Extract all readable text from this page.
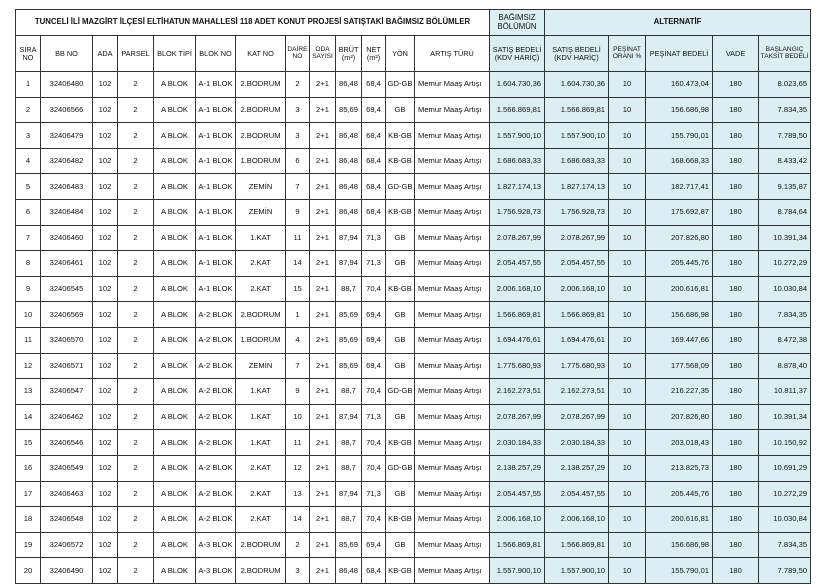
TUNCELİ İLİ MAZGİRT İLÇESİ ELTİHATUN MAHALLESİ 118 ADET KONUT PROJESİ SATIŞTAKİ BAĞIMSIZ BÖLÜMLER													BAĞIMSIZ BÖLÜMÜN	ALTERNATİF				
SIRA NO	BB NO	ADA	PARSEL	BLOK TİPİ	BLOK NO	KAT NO	DAİRE NO	ODA SAYISI	BRÜT (m²)	NET (m²)	YÖN	ARTIŞ TÜRÜ	SATIŞ BEDELİ (KDV HARİÇ)	SATIŞ BEDELİ (KDV HARİÇ)	PEŞİNAT ORANI %	PEŞİNAT BEDELİ	VADE	BAŞLANGIÇ TAKSİT BEDELİ
1	32406480	102	2	A BLOK	A-1 BLOK	2.BODRUM	2	2+1	86,48	68,4	GD-GB	Memur Maaş Artışı	1.604.730,36	1.604.730,36	10	160.473,04	180	8.023,65
2	32406566	102	2	A BLOK	A-1 BLOK	2.BODRUM	3	2+1	85,69	69,4	GB	Memur Maaş Artışı	1.566.869,81	1.566.869,81	10	156.686,98	180	7.834,35
3	32406479	102	2	A BLOK	A-1 BLOK	2.BODRUM	3	2+1	86,48	68,4	KB-GB	Memur Maaş Artışı	1.557.900,10	1.557.900,10	10	155.790,01	180	7.789,50
4	32406482	102	2	A BLOK	A-1 BLOK	1.BODRUM	6	2+1	86,48	68,4	KB-GB	Memur Maaş Artışı	1.686.683,33	1.686.683,33	10	168.668,33	180	8.433,42
5	32406483	102	2	A BLOK	A-1 BLOK	ZEMİN	7	2+1	86,48	68,4	GD-GB	Memur Maaş Artışı	1.827.174,13	1.827.174,13	10	182.717,41	180	9.135,87
6	32406484	102	2	A BLOK	A-1 BLOK	ZEMİN	9	2+1	86,48	68,4	KB-GB	Memur Maaş Artışı	1.756.928,73	1.756.928,73	10	175.692,87	180	8.784,64
7	32406460	102	2	A BLOK	A-1 BLOK	1.KAT	11	2+1	87,94	71,3	GB	Memur Maaş Artışı	2.078.267,99	2.078.267,99	10	207.826,80	180	10.391,34
8	32406461	102	2	A BLOK	A-1 BLOK	2.KAT	14	2+1	87,94	71,3	GB	Memur Maaş Artışı	2.054.457,55	2.054.457,55	10	205.445,76	180	10.272,29
9	32406545	102	2	A BLOK	A-1 BLOK	2.KAT	15	2+1	88,7	70,4	KB-GB	Memur Maaş Artışı	2.006.168,10	2.006.168,10	10	200.616,81	180	10.030,84
10	32406569	102	2	A BLOK	A-2 BLOK	2.BODRUM	1	2+1	85,69	69,4	GB	Memur Maaş Artışı	1.566.869,81	1.566.869,81	10	156.686,98	180	7.834,35
11	32406570	102	2	A BLOK	A-2 BLOK	1.BODRUM	4	2+1	85,69	69,4	GB	Memur Maaş Artışı	1.694.476,61	1.694.476,61	10	169.447,66	180	8.472,38
12	32406571	102	2	A BLOK	A-2 BLOK	ZEMİN	7	2+1	85,69	69,4	GB	Memur Maaş Artışı	1.775.680,93	1.775.680,93	10	177.568,09	180	8.878,40
13	32406547	102	2	A BLOK	A-2 BLOK	1.KAT	9	2+1	88,7	70,4	GD-GB	Memur Maaş Artışı	2.162.273,51	2.162.273,51	10	216.227,35	180	10.811,37
14	32406462	102	2	A BLOK	A-2 BLOK	1.KAT	10	2+1	87,94	71,3	GB	Memur Maaş Artışı	2.078.267,99	2.078.267,99	10	207.826,80	180	10.391,34
15	32406546	102	2	A BLOK	A-2 BLOK	1.KAT	11	2+1	88,7	70,4	KB-GB	Memur Maaş Artışı	2.030.184,33	2.030.184,33	10	203.018,43	180	10.150,92
16	32406549	102	2	A BLOK	A-2 BLOK	2.KAT	12	2+1	88,7	70,4	GD-GB	Memur Maaş Artışı	2.138.257,29	2.138.257,29	10	213.825,73	180	10.691,29
17	32406463	102	2	A BLOK	A-2 BLOK	2.KAT	13	2+1	87,94	71,3	GB	Memur Maaş Artışı	2.054.457,55	2.054.457,55	10	205.445,76	180	10.272,29
18	32406548	102	2	A BLOK	A-2 BLOK	2.KAT	14	2+1	88,7	70,4	KB-GB	Memur Maaş Artışı	2.006.168,10	2.006.168,10	10	200.616,81	180	10.030,84
19	32406572	102	2	A BLOK	A-3 BLOK	2.BODRUM	2	2+1	85,69	69,4	GB	Memur Maaş Artışı	1.566.869,81	1.566.869,81	10	156.686,98	180	7.834,35
20	32406490	102	2	A BLOK	A-3 BLOK	2.BODRUM	3	2+1	86,48	68,4	KB-GB	Memur Maaş Artışı	1.557.900,10	1.557.900,10	10	155.790,01	180	7.789,50
